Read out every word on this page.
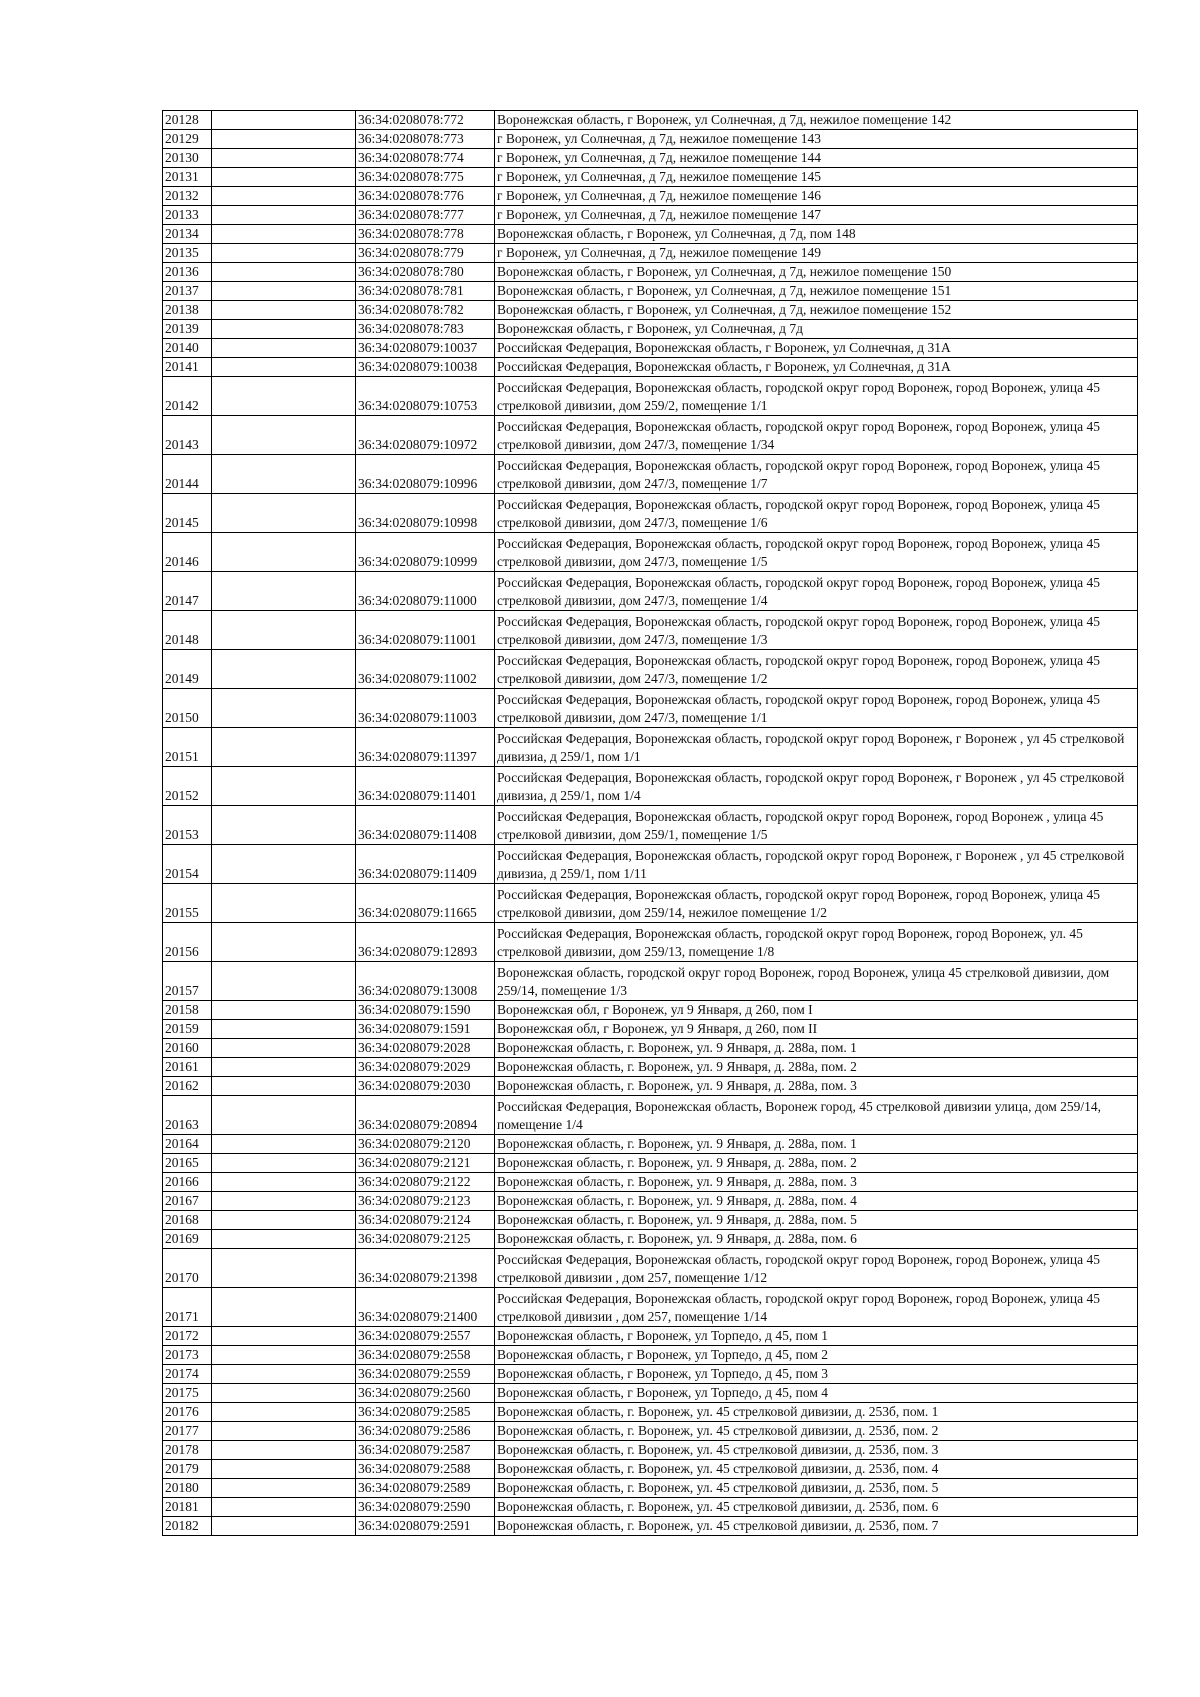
20128		36:34:0208078:772	Воронежская область, г Воронеж, ул Солнечная, д 7д, нежилое помещение 142
20129		36:34:0208078:773	г Воронеж, ул Солнечная, д 7д, нежилое помещение 143
20130		36:34:0208078:774	г Воронеж, ул Солнечная, д 7д, нежилое помещение 144
20131		36:34:0208078:775	г Воронеж, ул Солнечная, д 7д, нежилое помещение 145
20132		36:34:0208078:776	г Воронеж, ул Солнечная, д 7д, нежилое помещение 146
20133		36:34:0208078:777	г Воронеж, ул Солнечная, д 7д, нежилое помещение 147
20134		36:34:0208078:778	Воронежская область, г Воронеж, ул Солнечная, д 7д, пом 148
20135		36:34:0208078:779	г Воронеж, ул Солнечная, д 7д, нежилое помещение 149
20136		36:34:0208078:780	Воронежская область, г Воронеж, ул Солнечная, д 7д, нежилое помещение 150
20137		36:34:0208078:781	Воронежская область, г Воронеж, ул Солнечная, д 7д, нежилое помещение 151
20138		36:34:0208078:782	Воронежская область, г Воронеж, ул Солнечная, д 7д, нежилое помещение 152
20139		36:34:0208078:783	Воронежская область, г Воронеж, ул Солнечная, д 7д
20140		36:34:0208079:10037	Российская Федерация, Воронежская область, г Воронеж, ул Солнечная, д 31А
20141		36:34:0208079:10038	Российская Федерация, Воронежская область, г Воронеж, ул Солнечная, д 31А
20142		36:34:0208079:10753	Российская Федерация, Воронежская область, городской округ город Воронеж, город Воронеж, улица 45 стрелковой дивизии, дом 259/2, помещение 1/1
20143		36:34:0208079:10972	Российская Федерация, Воронежская область, городской округ город Воронеж, город Воронеж, улица 45 стрелковой дивизии, дом 247/3, помещение 1/34
20144		36:34:0208079:10996	Российская Федерация, Воронежская область, городской округ город Воронеж, город Воронеж, улица 45 стрелковой дивизии, дом 247/3, помещение 1/7
20145		36:34:0208079:10998	Российская Федерация, Воронежская область, городской округ город Воронеж, город Воронеж, улица 45 стрелковой дивизии, дом 247/3, помещение 1/6
20146		36:34:0208079:10999	Российская Федерация, Воронежская область, городской округ город Воронеж, город Воронеж, улица 45 стрелковой дивизии, дом 247/3, помещение 1/5
20147		36:34:0208079:11000	Российская Федерация, Воронежская область, городской округ город Воронеж, город Воронеж, улица 45 стрелковой дивизии, дом 247/3, помещение 1/4
20148		36:34:0208079:11001	Российская Федерация, Воронежская область, городской округ город Воронеж, город Воронеж, улица 45 стрелковой дивизии, дом 247/3, помещение 1/3
20149		36:34:0208079:11002	Российская Федерация, Воронежская область, городской округ город Воронеж, город Воронеж, улица 45 стрелковой дивизии, дом 247/3, помещение 1/2
20150		36:34:0208079:11003	Российская Федерация, Воронежская область, городской округ город Воронеж, город Воронеж, улица 45 стрелковой дивизии, дом 247/3, помещение 1/1
20151		36:34:0208079:11397	Российская Федерация, Воронежская область, городской округ город Воронеж, г Воронеж , ул 45 стрелковой дивизиа, д 259/1, пом 1/1
20152		36:34:0208079:11401	Российская Федерация, Воронежская область, городской округ город Воронеж, г Воронеж , ул 45 стрелковой дивизиа, д 259/1, пом 1/4
20153		36:34:0208079:11408	Российская Федерация, Воронежская область, городской округ город Воронеж, город Воронеж , улица 45 стрелковой дивизии, дом 259/1, помещение 1/5
20154		36:34:0208079:11409	Российская Федерация, Воронежская область, городской округ город Воронеж, г Воронеж , ул 45 стрелковой дивизиа, д 259/1, пом 1/11
20155		36:34:0208079:11665	Российская Федерация, Воронежская область, городской округ город Воронеж, город Воронеж, улица 45 стрелковой дивизии, дом 259/14, нежилое помещение 1/2
20156		36:34:0208079:12893	Российская Федерация, Воронежская область, городской округ город Воронеж, город Воронеж, ул. 45 стрелковой дивизии, дом 259/13, помещение 1/8
20157		36:34:0208079:13008	Воронежская область, городской округ город Воронеж, город Воронеж, улица 45 стрелковой дивизии, дом 259/14, помещение 1/3
20158		36:34:0208079:1590	Воронежская обл, г Воронеж, ул 9 Января, д 260, пом I
20159		36:34:0208079:1591	Воронежская обл, г Воронеж, ул 9 Января, д 260, пом II
20160		36:34:0208079:2028	Воронежская область, г. Воронеж, ул. 9 Января, д. 288а, пом. 1
20161		36:34:0208079:2029	Воронежская область, г. Воронеж, ул. 9 Января, д. 288а, пом. 2
20162		36:34:0208079:2030	Воронежская область, г. Воронеж, ул. 9 Января, д. 288а, пом. 3
20163		36:34:0208079:20894	Российская Федерация, Воронежская область, Воронеж город, 45 стрелковой дивизии улица, дом 259/14, помещение 1/4
20164		36:34:0208079:2120	Воронежская область, г. Воронеж, ул. 9 Января, д. 288а, пом. 1
20165		36:34:0208079:2121	Воронежская область, г. Воронеж, ул. 9 Января, д. 288а, пом. 2
20166		36:34:0208079:2122	Воронежская область, г. Воронеж, ул. 9 Января, д. 288а, пом. 3
20167		36:34:0208079:2123	Воронежская область, г. Воронеж, ул. 9 Января, д. 288а, пом. 4
20168		36:34:0208079:2124	Воронежская область, г. Воронеж, ул. 9 Января, д. 288а, пом. 5
20169		36:34:0208079:2125	Воронежская область, г. Воронеж, ул. 9 Января, д. 288а, пом. 6
20170		36:34:0208079:21398	Российская Федерация, Воронежская область, городской округ город Воронеж, город Воронеж, улица 45 стрелковой дивизии , дом 257, помещение 1/12
20171		36:34:0208079:21400	Российская Федерация, Воронежская область, городской округ город Воронеж, город Воронеж, улица 45 стрелковой дивизии , дом 257, помещение 1/14
20172		36:34:0208079:2557	Воронежская область, г Воронеж, ул Торпедо, д 45, пом 1
20173		36:34:0208079:2558	Воронежская область, г Воронеж, ул Торпедо, д 45, пом 2
20174		36:34:0208079:2559	Воронежская область, г Воронеж, ул Торпедо, д 45, пом 3
20175		36:34:0208079:2560	Воронежская область, г Воронеж, ул Торпедо, д 45, пом 4
20176		36:34:0208079:2585	Воронежская область, г. Воронеж, ул. 45 стрелковой дивизии, д. 253б, пом. 1
20177		36:34:0208079:2586	Воронежская область, г. Воронеж, ул. 45 стрелковой дивизии, д. 253б, пом. 2
20178		36:34:0208079:2587	Воронежская область, г. Воронеж, ул. 45 стрелковой дивизии, д. 253б, пом. 3
20179		36:34:0208079:2588	Воронежская область, г. Воронеж, ул. 45 стрелковой дивизии, д. 253б, пом. 4
20180		36:34:0208079:2589	Воронежская область, г. Воронеж, ул. 45 стрелковой дивизии, д. 253б, пом. 5
20181		36:34:0208079:2590	Воронежская область, г. Воронеж, ул. 45 стрелковой дивизии, д. 253б, пом. 6
20182		36:34:0208079:2591	Воронежская область, г. Воронеж, ул. 45 стрелковой дивизии, д. 253б, пом. 7
